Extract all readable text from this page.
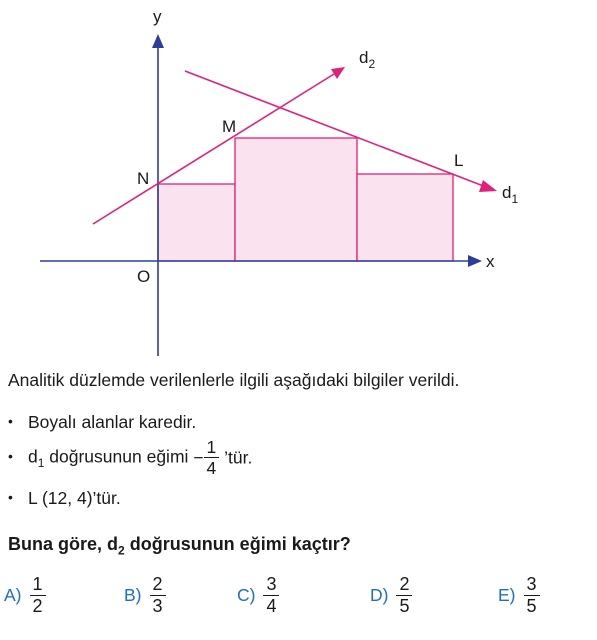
y
x
O
N
M
L
$d_2$
$d_1$
Analitik düzlemde verilenlerle ilgili aşağıdaki bilgiler verildi.
• Boyalı alanlar karedir.
• $d_1$ doğrusunun eğimi − $\frac{1}{4}$ ’tür.
• L (12, 4)’tür.
Buna göre, $d_2$ doğrusunun eğimi kaçtır?
$A) \frac{1}{2}$	$B) \frac{2}{3}$	$C) \frac{3}{4}$	$D) \frac{2}{5}$	$E) \frac{3}{5}$
